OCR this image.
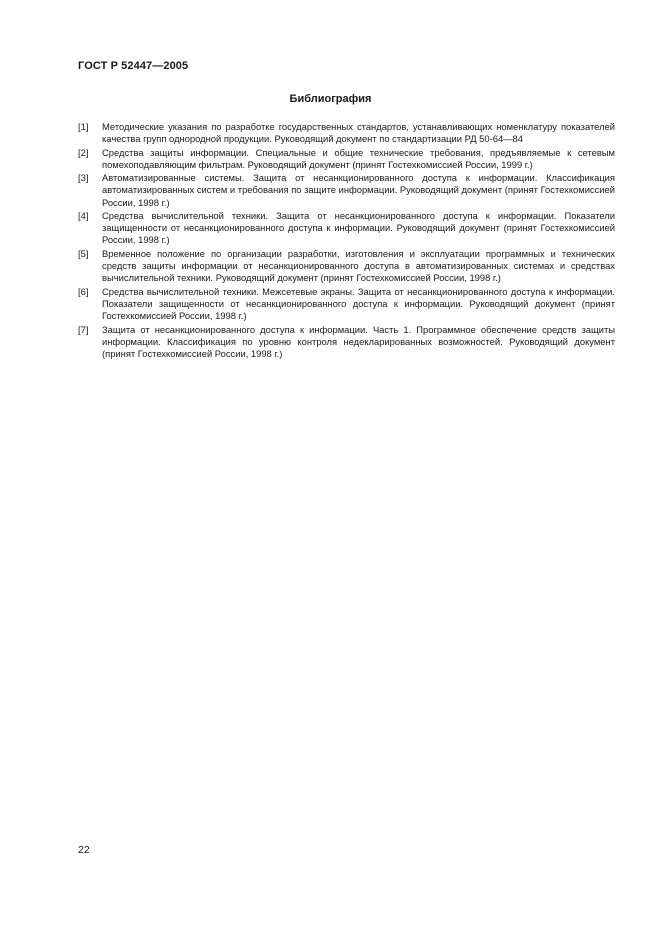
ГОСТ Р 52447—2005
Библиография
[1]	Методические указания по разработке государственных стандартов, устанавливающих номенклатуру показателей качества групп однородной продукции. Руководящий документ по стандартизации РД 50-64—84
[2]	Средства защиты информации. Специальные и общие технические требования, предъявляемые к сетевым помехоподавляющим фильтрам. Руководящий документ (принят Гостехкомиссией России, 1999 г.)
[3]	Автоматизированные системы. Защита от несанкционированного доступа к информации. Классификация автоматизированных систем и требования по защите информации. Руководящий документ (принят Гостехкомиссией России, 1998 г.)
[4]	Средства вычислительной техники. Защита от несанкционированного доступа к информации. Показатели защищенности от несанкционированного доступа к информации. Руководящий документ (принят Гостехкомиссией России, 1998 г.)
[5]	Временное положение по организации разработки, изготовления и эксплуатации программных и технических средств защиты информации от несанкционированного доступа в автоматизированных системах и средствах вычислительной техники. Руководящий документ (принят Гостехкомиссией России, 1998 г.)
[6]	Средства вычислительной техники. Межсетевые экраны. Защита от несанкционированного доступа к информации. Показатели защищенности от несанкционированного доступа к информации. Руководящий документ (принят Гостехкомиссией России, 1998 г.)
[7]	Защита от несанкционированного доступа к информации. Часть 1. Программное обеспечение средств защиты информации. Классификация по уровню контроля недекларированных возможностей. Руководящий документ (принят Гостехкомиссией России, 1998 г.)
22
